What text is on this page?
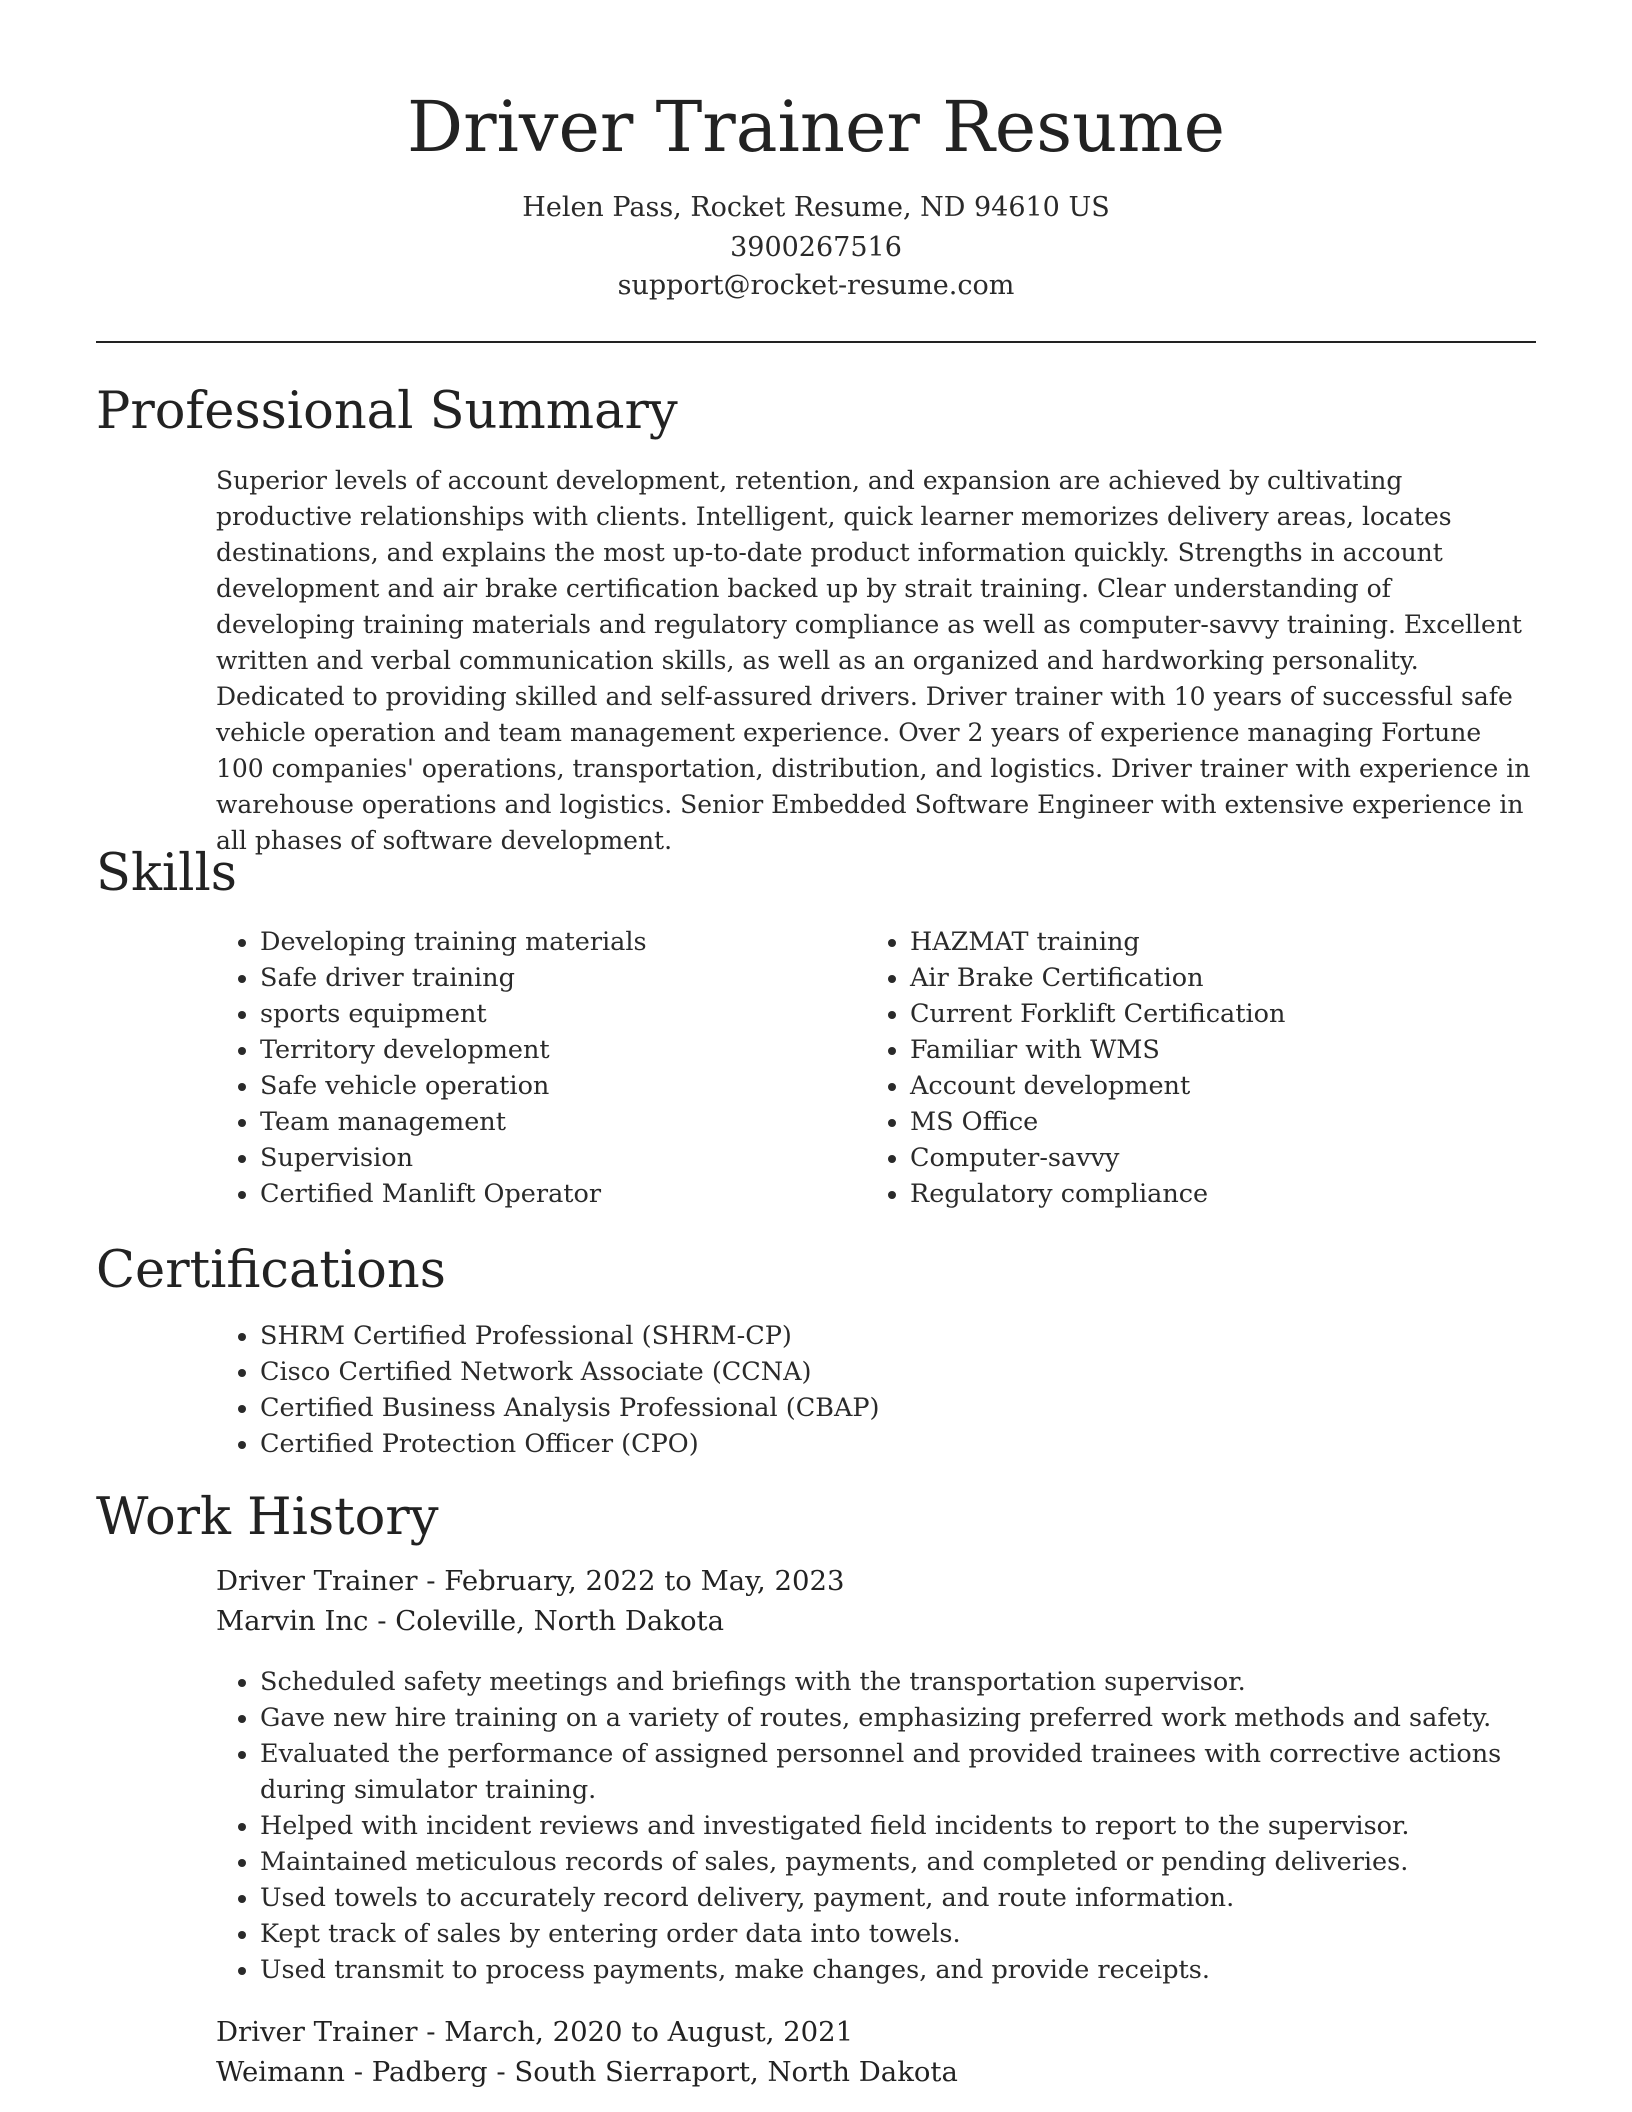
Driver Trainer Resume
Helen Pass, Rocket Resume, ND 94610 US
3900267516
support@rocket-resume.com
Professional Summary

Superior levels of account development, retention, and expansion are achieved by cultivating productive relationships with clients. Intelligent, quick learner memorizes delivery areas, locates destinations, and explains the most up-to-date product information quickly. Strengths in account development and air brake certification backed up by strait training. Clear understanding of developing training materials and regulatory compliance as well as computer-savvy training. Excellent written and verbal communication skills, as well as an organized and hardworking personality. Dedicated to providing skilled and self-assured drivers. Driver trainer with 10 years of successful safe vehicle operation and team management experience. Over 2 years of experience managing Fortune 100 companies' operations, transportation, distribution, and logistics. Driver trainer with experience in warehouse operations and logistics. Senior Embedded Software Engineer with extensive experience in all phases of software development.

Skills
• Developing training materials
• Safe driver training
• sports equipment
• Territory development
• Safe vehicle operation
• Team management
• Supervision
• Certified Manlift Operator
• HAZMAT training
• Air Brake Certification
• Current Forklift Certification
• Familiar with WMS
• Account development
• MS Office
• Computer-savvy
• Regulatory compliance
Certifications
• SHRM Certified Professional (SHRM-CP)
• Cisco Certified Network Associate (CCNA)
• Certified Business Analysis Professional (CBAP)
• Certified Protection Officer (CPO)
Work History
Driver Trainer - February, 2022 to May, 2023
Marvin Inc - Coleville, North Dakota
• Scheduled safety meetings and briefings with the transportation supervisor.
• Gave new hire training on a variety of routes, emphasizing preferred work methods and safety.
• Evaluated the performance of assigned personnel and provided trainees with corrective actions during simulator training.
• Helped with incident reviews and investigated field incidents to report to the supervisor.
• Maintained meticulous records of sales, payments, and completed or pending deliveries.
• Used towels to accurately record delivery, payment, and route information.
• Kept track of sales by entering order data into towels.
• Used transmit to process payments, make changes, and provide receipts.
Driver Trainer - March, 2020 to August, 2021
Weimann - Padberg - South Sierraport, North Dakota
